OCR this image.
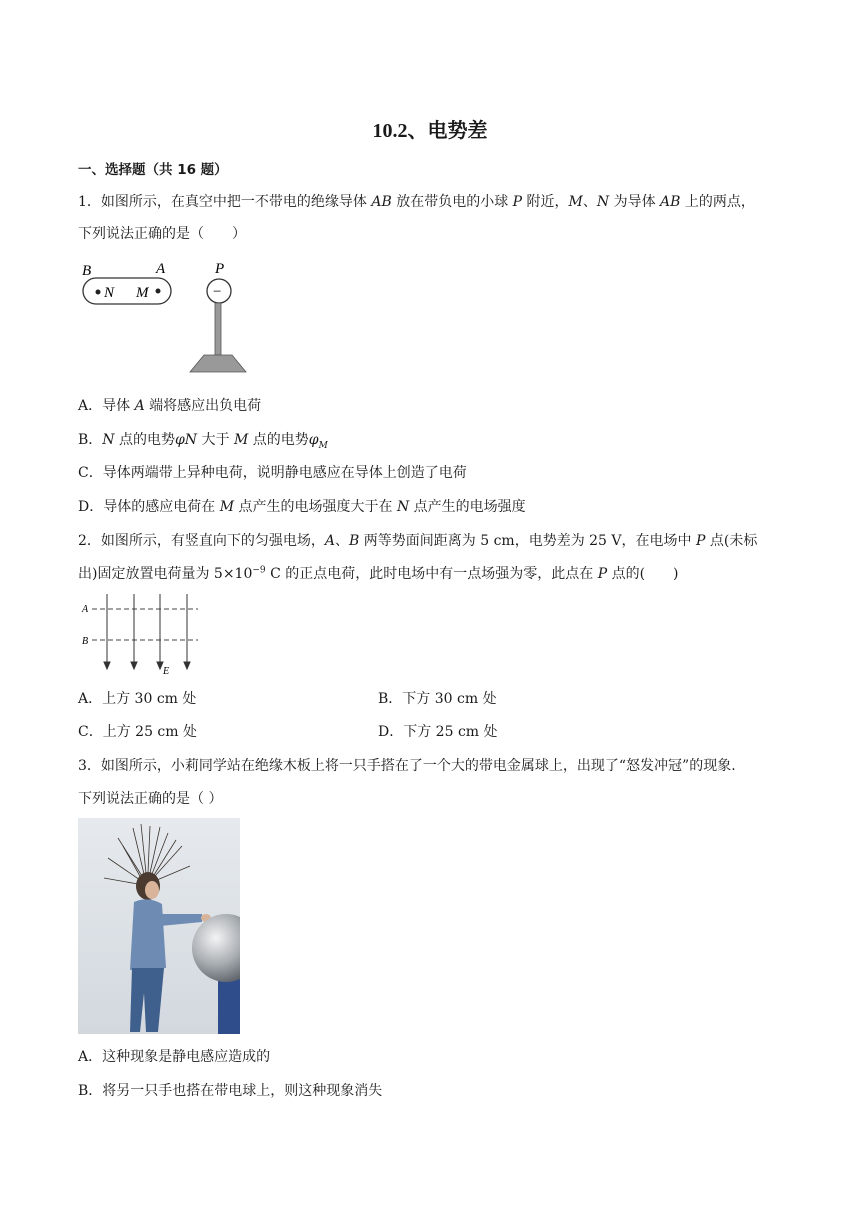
10.2、电势差
一、选择题（共 16 题）
1．如图所示，在真空中把一不带电的绝缘导体 AB 放在带负电的小球 P 附近，M、N 为导体 AB 上的两点，
下列说法正确的是（　　）
B	A	P
N M	−
A．导体 A 端将感应出负电荷
B．N 点的电势φN 大于 M 点的电势$\varphi_M$
C．导体两端带上异种电荷，说明静电感应在导体上创造了电荷
D．导体的感应电荷在 M 点产生的电场强度大于在 N 点产生的电场强度
2．如图所示，有竖直向下的匀强电场，A、B 两等势面间距离为 5 cm，电势差为 25 V，在电场中 P 点(未标
出)固定放置电荷量为 $5\times 10^{-9}$ C 的正点电荷，此时电场中有一点场强为零，此点在 P 点的(　　)
A
B
E
A．上方 30 cm 处	B．下方 30 cm 处
C．上方 25 cm 处	D．下方 25 cm 处
3．如图所示，小莉同学站在绝缘木板上将一只手搭在了一个大的带电金属球上，出现了“怒发冲冠”的现象.
下列说法正确的是（ ）
A．这种现象是静电感应造成的
B．将另一只手也搭在带电球上，则这种现象消失
